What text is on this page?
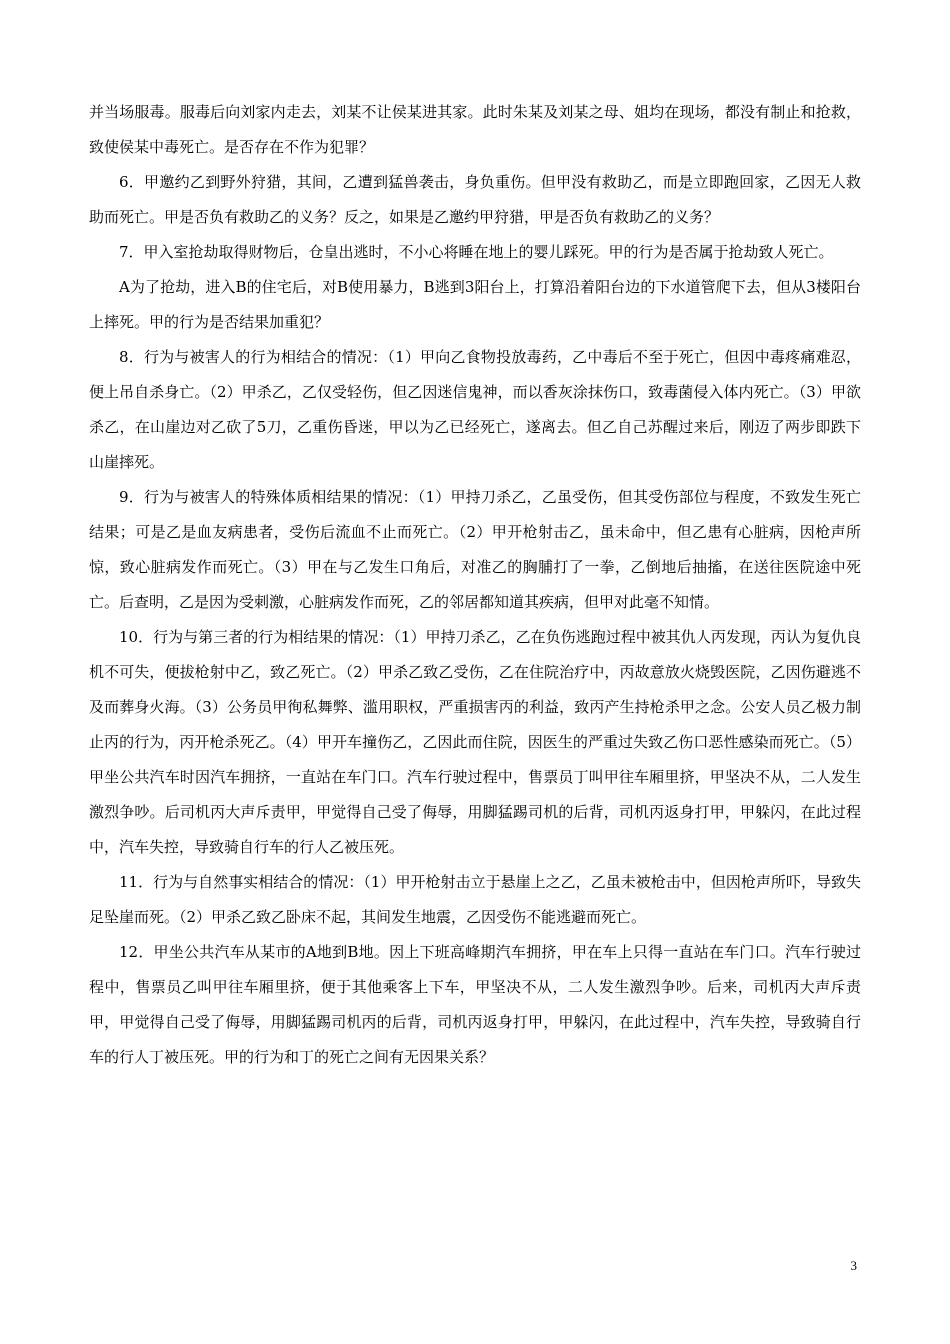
并当场服毒。服毒后向刘家内走去，刘某不让侯某进其家。此时朱某及刘某之母、姐均在现场，都没有制止和抢救，致使侯某中毒死亡。是否存在不作为犯罪？

6．甲邀约乙到野外狩猎，其间，乙遭到猛兽袭击，身负重伤。但甲没有救助乙，而是立即跑回家，乙因无人救助而死亡。甲是否负有救助乙的义务？反之，如果是乙邀约甲狩猎，甲是否负有救助乙的义务？

7．甲入室抢劫取得财物后，仓皇出逃时，不小心将睡在地上的婴儿踩死。甲的行为是否属于抢劫致人死亡。

A为了抢劫，进入B的住宅后，对B使用暴力，B逃到3阳台上，打算沿着阳台边的下水道管爬下去，但从3楼阳台上摔死。甲的行为是否结果加重犯？

8．行为与被害人的行为相结合的情况：（1）甲向乙食物投放毒药，乙中毒后不至于死亡，但因中毒疼痛难忍，便上吊自杀身亡。（2）甲杀乙，乙仅受轻伤，但乙因迷信鬼神，而以香灰涂抹伤口，致毒菌侵入体内死亡。（3）甲欲杀乙，在山崖边对乙砍了5刀，乙重伤昏迷，甲以为乙已经死亡，遂离去。但乙自己苏醒过来后，刚迈了两步即跌下山崖摔死。

9．行为与被害人的特殊体质相结果的情况：（1）甲持刀杀乙，乙虽受伤，但其受伤部位与程度，不致发生死亡结果；可是乙是血友病患者，受伤后流血不止而死亡。（2）甲开枪射击乙，虽未命中，但乙患有心脏病，因枪声所惊，致心脏病发作而死亡。（3）甲在与乙发生口角后，对准乙的胸脯打了一拳，乙倒地后抽搐，在送往医院途中死亡。后查明，乙是因为受刺激，心脏病发作而死，乙的邻居都知道其疾病，但甲对此毫不知情。

10．行为与第三者的行为相结果的情况：（1）甲持刀杀乙，乙在负伤逃跑过程中被其仇人丙发现，丙认为复仇良机不可失，便拔枪射中乙，致乙死亡。（2）甲杀乙致乙受伤，乙在住院治疗中，丙故意放火烧毁医院，乙因伤避逃不及而葬身火海。（3）公务员甲徇私舞弊、滥用职权，严重损害丙的利益，致丙产生持枪杀甲之念。公安人员乙极力制止丙的行为，丙开枪杀死乙。（4）甲开车撞伤乙，乙因此而住院，因医生的严重过失致乙伤口恶性感染而死亡。（5）甲坐公共汽车时因汽车拥挤，一直站在车门口。汽车行驶过程中，售票员丁叫甲往车厢里挤，甲坚决不从，二人发生激烈争吵。后司机丙大声斥责甲，甲觉得自己受了侮辱，用脚猛踢司机的后背，司机丙返身打甲，甲躲闪，在此过程中，汽车失控，导致骑自行车的行人乙被压死。

11．行为与自然事实相结合的情况：（1）甲开枪射击立于悬崖上之乙，乙虽未被枪击中，但因枪声所吓，导致失足坠崖而死。（2）甲杀乙致乙卧床不起，其间发生地震，乙因受伤不能逃避而死亡。

12．甲坐公共汽车从某市的A地到B地。因上下班高峰期汽车拥挤，甲在车上只得一直站在车门口。汽车行驶过程中，售票员乙叫甲往车厢里挤，便于其他乘客上下车，甲坚决不从，二人发生激烈争吵。后来，司机丙大声斥责甲，甲觉得自己受了侮辱，用脚猛踢司机丙的后背，司机丙返身打甲，甲躲闪，在此过程中，汽车失控，导致骑自行车的行人丁被压死。甲的行为和丁的死亡之间有无因果关系？

3
